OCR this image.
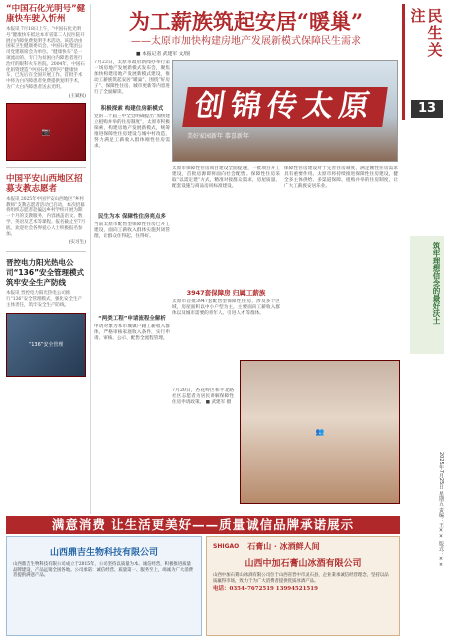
“中国石化光明号”健康快车驶入忻州
本报讯 7月18日上午，“中国石化光明号”健康快车抵达本市省第二人民医院开展白内障免费复明手术活动。该活动由国家卫生健康委员会、中国石化集团公司党建联席会为单位。“健康快车”是一项流动的、专门为贫困白内障患者进行治疗的眼科火车医院。2004年，中国石化捐资建造“中国石化光明号”健康快车，已先后在全国开展工作。首批手术中将为白内障患者免费提供复明手术，为广大白内障患者送去光明。
(王斌权)
📷
中国平安山西地区招募支教志愿者
本报讯 2025年中国平安山西地区“乡村教师”支教志愿者活动已启动，本次招募将组织志愿者赴偏远乡村学校开展为期一个月的支教服务，内容涵盖语文、数学、英语及艺术等课程。报名截止至7月底，欢迎社会各界爱心人士积极报名参加。
(实习生)
晋控电力阳光热电公司“136”安全管理模式筑牢安全生产防线
本报讯 晋控电力阳光热电公司推行“136”安全管理模式，强化安全生产主体责任，筑牢安全生产防线。
“136”安全管理
为工薪族筑起安居“暖巢”
——太原市加快构建房地产发展新模式保障民生需求
■ 本报记者 武建军 文/图
7月23日，太原市政府新闻办举行第一场房地产发展新模式发布会，聚焦加快构建房地产发展新模式建设，推动工薪族筑起安居“暖巢”，围绕“好房子”、保障性住房、城市更新等内容进行了全面解读。
积极探索 构建住房新模式
党的二十届三中全会明确提出“加快建立租购并举的住房制度”，太原市积极探索，构建房地产发展新模式，统筹推进保障性住房建设与城中村改造，努力满足工薪收入群体刚性住房需求。
民生为本 保障性住房亮点多
当前太原市配售型保障性住房已开工建设，面向工薪收入群体实施封闭管理，让群众住得起、住得好。
“两类工程”申请流程全解析
申请对象为本市城镇户籍工薪收入群体，严格审核家庭收入条件，实行申请、审核、公示、配售全流程管理。
创锦传太原
美好家园新年 恭喜新年
太原市保障性住房项目建设全面提速，一批项目开工建设，首批房源即将面向社会配售。保障性住房采取“以需定建”方式，精准对接群众需求，房屋质量、配套设施与商品房同标准建设。
3947套保障房 归属工薪族
太原市首批3947套配售型保障性住房，涉及多个区域，房屋面积以中小户型为主，主要面向工薪收入群体以及城市需要的青年人、引进人才等群体。
保障性住房建设对于完善住房制度、满足刚性住房需求具有重要作用。太原市将持续推进保障性住房建设，健全多主体供给、多渠道保障、租购并举的住房制度，让广大工薪族安居乐业。
7月20日，杏花岭区和平北路社区志愿者为居民讲解保障性住房申请政策。 ■ 武建军 摄
👥
民生关注
13
筑牢理想信念的最好沃土
2025年7月25日 星期五 责编：王×× 版式：××
满意消费 让生活更美好——质量诚信品牌承诺展示
山西鼎吉生物科技有限公司
山西鼎吉生物科技有限公司成立于2015年，公司坚持以质量为本、诚信经营，积极推进质量品牌建设，产品远销全国各地。公司承诺：诚信经营、质量第一、服务至上，竭诚为广大消费者提供满意产品。
SHIGAO 石膏山 · 冰酒鲜人间
山西中加石膏山冰酒有限公司
山西中加石膏山冰酒有限公司位于山西省晋中市灵石县，企业秉承诚信经营理念，坚持以品质赢得市场，致力于为广大消费者提供优质冰酒产品。
电话：0354-7672519 13994521519
